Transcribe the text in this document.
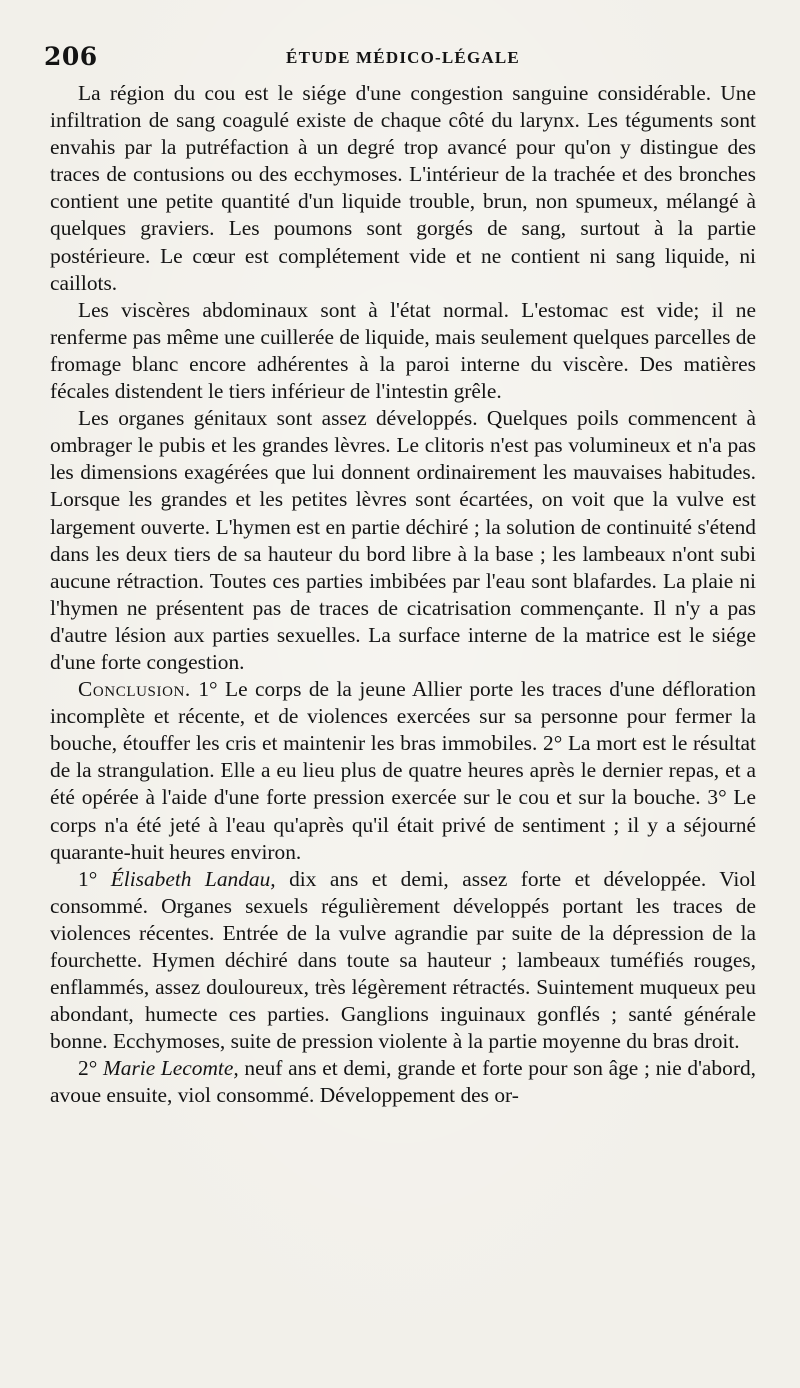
206	ÉTUDE MÉDICO-LÉGALE

La région du cou est le siége d'une congestion sanguine considérable. Une infiltration de sang coagulé existe de chaque côté du larynx. Les téguments sont envahis par la putréfaction à un degré trop avancé pour qu'on y distingue des traces de contusions ou des ecchymoses. L'intérieur de la trachée et des bronches contient une petite quantité d'un liquide trouble, brun, non spumeux, mélangé à quelques graviers. Les poumons sont gorgés de sang, surtout à la partie postérieure. Le cœur est complétement vide et ne contient ni sang liquide, ni caillots.

Les viscères abdominaux sont à l'état normal. L'estomac est vide; il ne renferme pas même une cuillerée de liquide, mais seulement quelques parcelles de fromage blanc encore adhérentes à la paroi interne du viscère. Des matières fécales distendent le tiers inférieur de l'intestin grêle.

Les organes génitaux sont assez développés. Quelques poils commencent à ombrager le pubis et les grandes lèvres. Le clitoris n'est pas volumineux et n'a pas les dimensions exagérées que lui donnent ordinairement les mauvaises habitudes. Lorsque les grandes et les petites lèvres sont écartées, on voit que la vulve est largement ouverte. L'hymen est en partie déchiré ; la solution de continuité s'étend dans les deux tiers de sa hauteur du bord libre à la base ; les lambeaux n'ont subi aucune rétraction. Toutes ces parties imbibées par l'eau sont blafardes. La plaie ni l'hymen ne présentent pas de traces de cicatrisation commençante. Il n'y a pas d'autre lésion aux parties sexuelles. La surface interne de la matrice est le siége d'une forte congestion.

Conclusion. 1° Le corps de la jeune Allier porte les traces d'une défloration incomplète et récente, et de violences exercées sur sa personne pour fermer la bouche, étouffer les cris et maintenir les bras immobiles. 2° La mort est le résultat de la strangulation. Elle a eu lieu plus de quatre heures après le dernier repas, et a été opérée à l'aide d'une forte pression exercée sur le cou et sur la bouche. 3° Le corps n'a été jeté à l'eau qu'après qu'il était privé de sentiment ; il y a séjourné quarante-huit heures environ.

1° Élisabeth Landau, dix ans et demi, assez forte et développée. Viol consommé. Organes sexuels régulièrement développés portant les traces de violences récentes. Entrée de la vulve agrandie par suite de la dépression de la fourchette. Hymen déchiré dans toute sa hauteur ; lambeaux tuméfiés rouges, enflammés, assez douloureux, très légèrement rétractés. Suintement muqueux peu abondant, humecte ces parties. Ganglions inguinaux gonflés ; santé générale bonne. Ecchymoses, suite de pression violente à la partie moyenne du bras droit.

2° Marie Lecomte, neuf ans et demi, grande et forte pour son âge ; nie d'abord, avoue ensuite, viol consommé. Développement des or-
